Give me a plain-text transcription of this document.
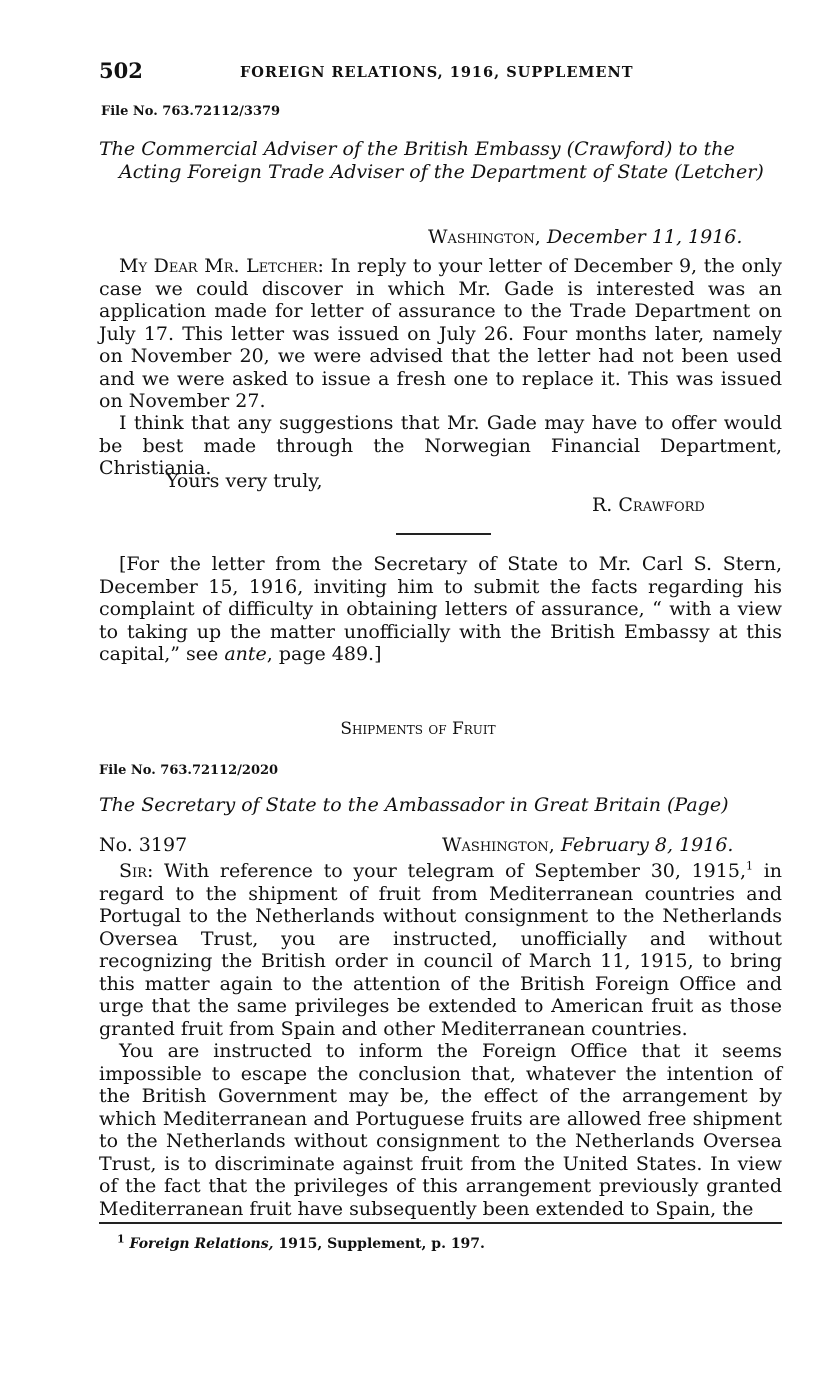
502	FOREIGN RELATIONS, 1916, SUPPLEMENT
File No. 763.72112/3379
The Commercial Adviser of the British Embassy (Crawford) to the Acting Foreign Trade Adviser of the Department of State (Letcher)
Washington, December 11, 1916.
My Dear Mr. Letcher: In reply to your letter of December 9, the only case we could discover in which Mr. Gade is interested was an application made for letter of assurance to the Trade Department on July 17. This letter was issued on July 26. Four months later, namely on November 20, we were advised that the letter had not been used and we were asked to issue a fresh one to replace it. This was issued on November 27.
I think that any suggestions that Mr. Gade may have to offer would be best made through the Norwegian Financial Department, Christiania.
Yours very truly,
R. Crawford
[For the letter from the Secretary of State to Mr. Carl S. Stern, December 15, 1916, inviting him to submit the facts regarding his complaint of difficulty in obtaining letters of assurance, “ with a view to taking up the matter unofficially with the British Embassy at this capital,” see ante, page 489.]
Shipments of Fruit
File No. 763.72112/2020
The Secretary of State to the Ambassador in Great Britain (Page)
No. 3197	Washington, February 8, 1916.
Sir: With reference to your telegram of September 30, 1915,$^1$ in regard to the shipment of fruit from Mediterranean countries and Portugal to the Netherlands without consignment to the Netherlands Oversea Trust, you are instructed, unofficially and without recognizing the British order in council of March 11, 1915, to bring this matter again to the attention of the British Foreign Office and urge that the same privileges be extended to American fruit as those granted fruit from Spain and other Mediterranean countries.
You are instructed to inform the Foreign Office that it seems impossible to escape the conclusion that, whatever the intention of the British Government may be, the effect of the arrangement by which Mediterranean and Portuguese fruits are allowed free shipment to the Netherlands without consignment to the Netherlands Oversea Trust, is to discriminate against fruit from the United States. In view of the fact that the privileges of this arrangement previously granted Mediterranean fruit have subsequently been extended to Spain, the
$^1$ Foreign Relations, 1915, Supplement, p. 197.
